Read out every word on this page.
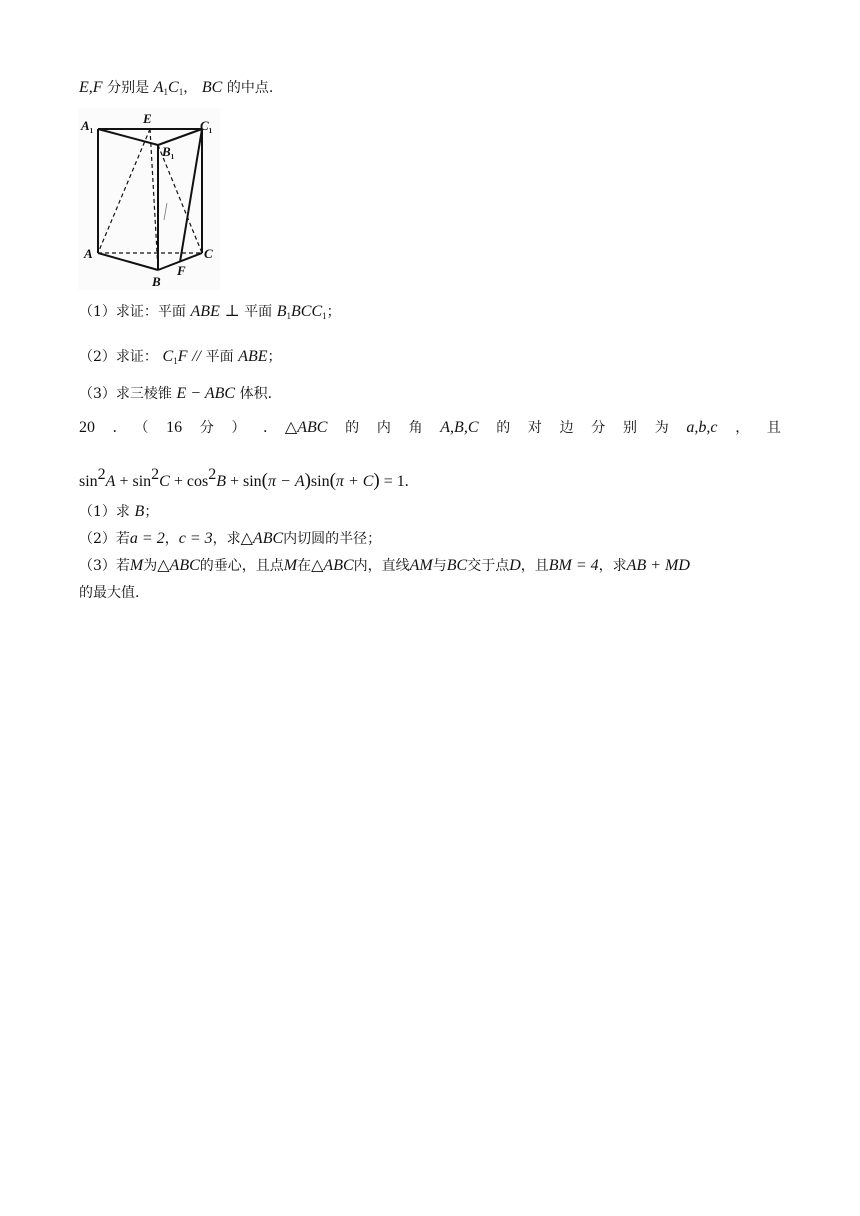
E,F 分别是 $A_1C_1$， BC 的中点.
$A_1$
E	$C_1$
$B_1$
A
B
C
F
（1）求证：平面 ABE ⊥ 平面 $B_1BCC_1$；
（2）求证： $C_1F$ // 平面 ABE；
（3）求三棱锥 E − ABC 体积.
20 . （ 16 分 ） . △ABC 的 内 角 A,B,C 的 对 边 分 别 为 a,b,c ， 且
$\sin^2A + \sin^2C + \cos^2B + \sin(\pi - A)\sin(\pi + C) = 1$.
（1）求 B；
（2）若a = 2，c = 3，求△ABC内切圆的半径；
（3）若M为△ABC的垂心，且点M在△ABC内，直线AM与BC交于点D，且BM = 4，求AB + MD
的最大值.
